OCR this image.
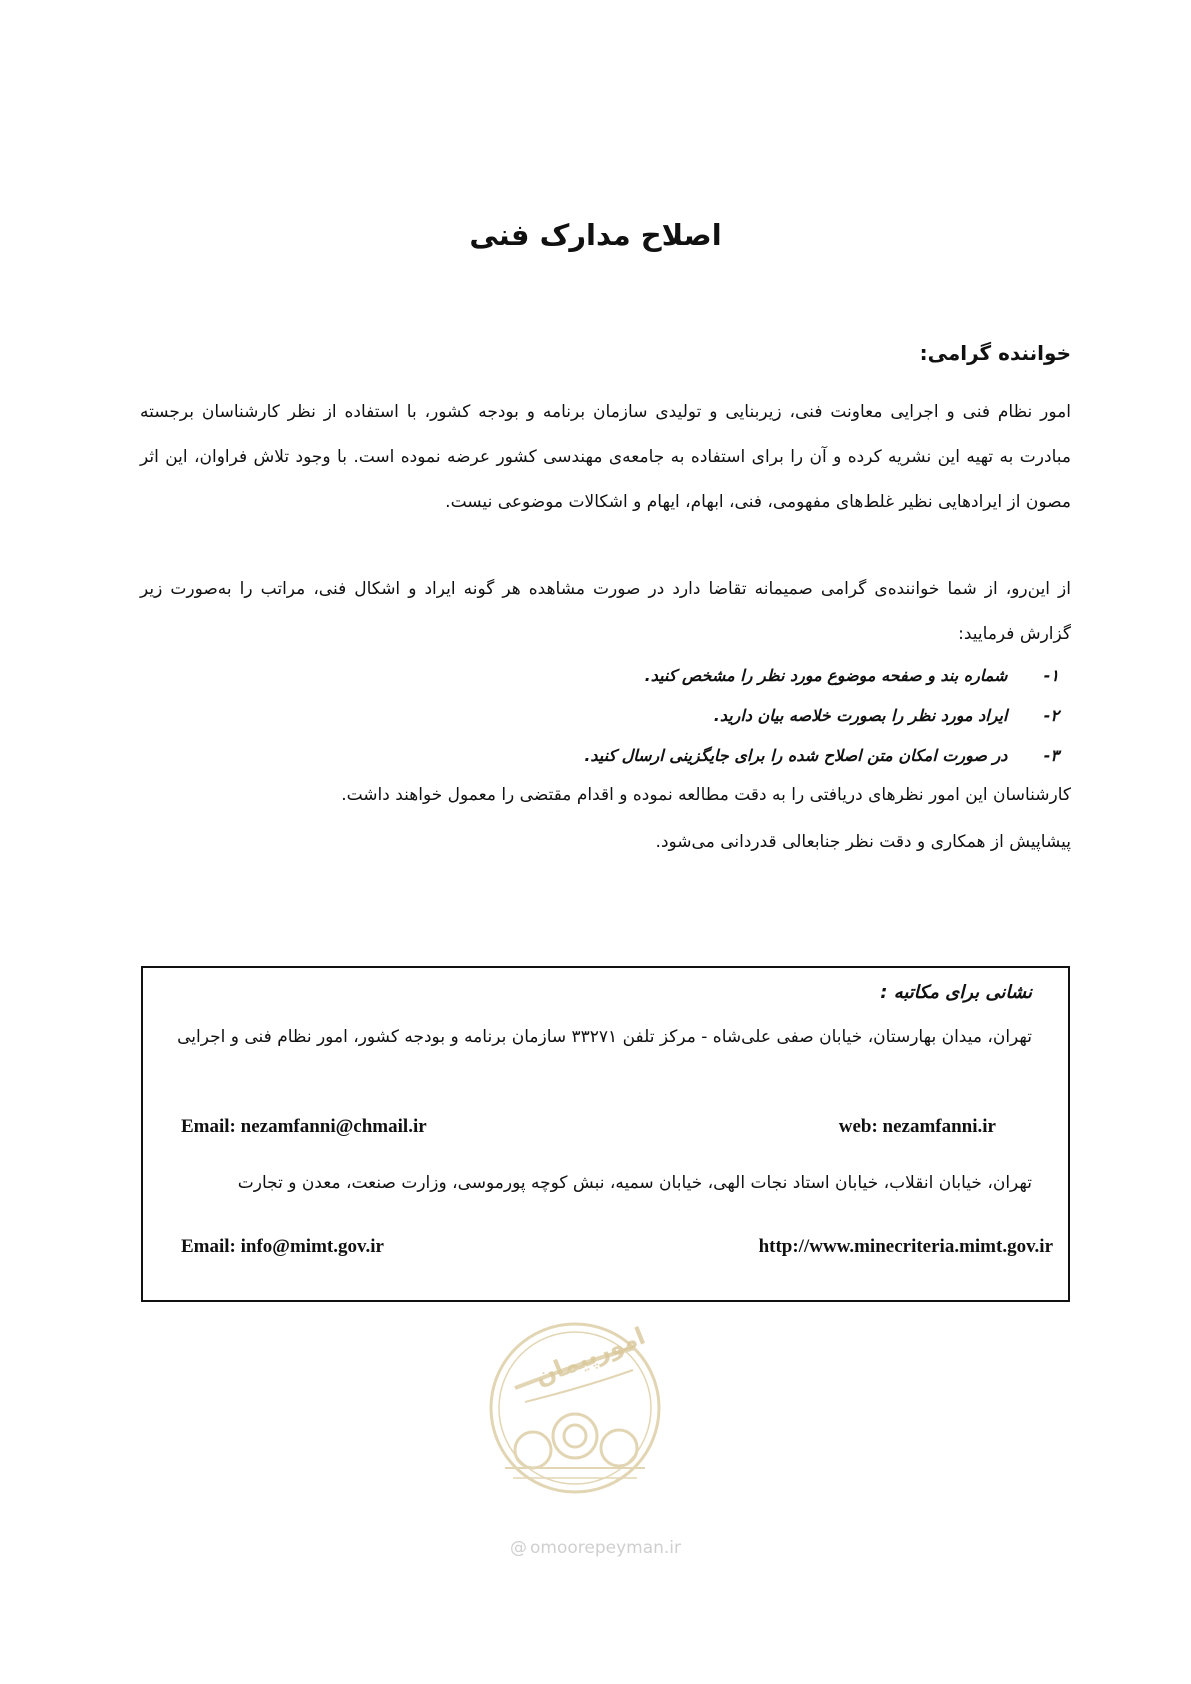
اصلاح مدارک فنی

خواننده گرامی:

امور نظام فنی و اجرایی معاونت فنی، زیربنایی و تولیدی سازمان برنامه و بودجه کشور، با استفاده از نظر کارشناسان برجسته مبادرت به تهیه این نشریه کرده و آن را برای استفاده به جامعه‌ی مهندسی کشور عرضه نموده است. با وجود تلاش فراوان، این اثر مصون از ایرادهایی نظیر غلط‌های مفهومی، فنی، ابهام، ایهام و اشکالات موضوعی نیست.

از این‌رو، از شما خواننده‌ی گرامی صمیمانه تقاضا دارد در صورت مشاهده هر گونه ایراد و اشکال فنی، مراتب را به‌صورت زیر گزارش فرمایید:

۱- شماره بند و صفحه موضوع مورد نظر را مشخص کنید.
۲- ایراد مورد نظر را بصورت خلاصه بیان دارید.
۳- در صورت امکان متن اصلاح شده را برای جایگزینی ارسال کنید.

کارشناسان این امور نظرهای دریافتی را به دقت مطالعه نموده و اقدام مقتضی را معمول خواهند داشت.

پیشاپیش از همکاری و دقت نظر جنابعالی قدردانی می‌شود.

نشانی برای مکاتبه :

تهران، میدان بهارستان، خیابان صفی علی‌شاه - مرکز تلفن ۳۳۲۷۱ سازمان برنامه و بودجه کشور، امور نظام فنی و اجرایی

Email: nezamfanni@chmail.ir	web: nezamfanni.ir

تهران، خیابان انقلاب، خیابان استاد نجات الهی، خیابان سمیه، نبش کوچه پورموسی، وزارت صنعت، معدن و تجارت

Email: info@mimt.gov.ir	http://www.minecriteria.mimt.gov.ir

امورپیمان

@ omoorepeyman.ir
